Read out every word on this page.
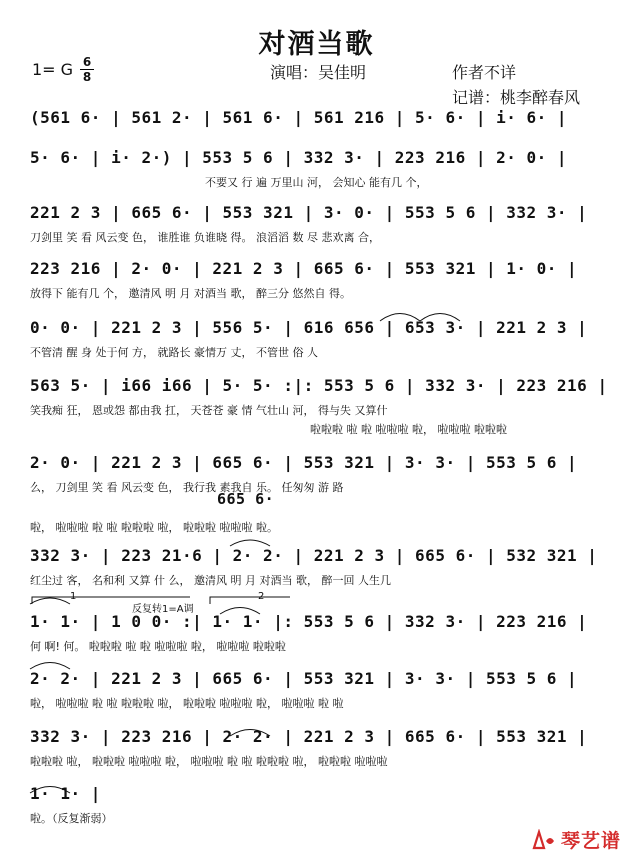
对酒当歌
1= G 6
8	演唱：吴佳明	作者不详
记谱：桃李醉春风
(561 6· | 561 2· | 561 6· | 561 216 | 5· 6· | i· 6· |
5· 6· | i· 2·) | 553 5 6 | 332 3· | 223 216 | 2· 0· |
不要又 行 遍 万里山 河， 会知心 能有几 个，
221 2 3 | 665 6· | 553 321 | 3· 0· | 553 5 6 | 332 3· |
刀剑里 笑 看 风云变 色， 谁胜谁 负谁晓 得。 浪滔滔 数 尽 悲欢离 合，
223 216 | 2· 0· | 221 2 3 | 665 6· | 553 321 | 1· 0· |
放得下 能有几 个， 邀清风 明 月 对酒当 歌， 醉三分 悠然自 得。
0· 0· | 221 2 3 | 556 5· | 616 656 | 653 3· | 221 2 3 |
不管清 醒 身 处于何 方， 就路长 豪情万 丈， 不管世 俗 人
563 5· | i66 i66 | 5· 5· :|: 553 5 6 | 332 3· | 223 216 |
笑我痴 狂， 恩或怨 都由我 扛， 天苍苍 豪 情 气壮山 河， 得与失 又算什
啦啦啦 啦 啦 啦啦啦 啦， 啦啦啦 啦啦啦
2· 0· | 221 2 3 | 665 6· | 553 321 | 3· 3· | 553 5 6 |
么， 刀剑里 笑 看 风云变 色， 我行我 素我自 乐。 任匆匆 游 路
啦， 啦啦啦 啦 啦 啦啦啦 啦， 啦啦啦 啦啦啦 啦。
332 3· | 223 21·6 | 2· 2· | 221 2 3 | 665 6· | 532 321 |
红尘过 客， 名和利 又算 什 么， 邀清风 明 月 对酒当 歌， 醉一回 人生几
1· 1· | 1 0 0· :| 1· 1· |: 553 5 6 | 332 3· | 223 216 |
何 啊! 何。 啦啦啦 啦 啦 啦啦啦 啦， 啦啦啦 啦啦啦
2· 2· | 221 2 3 | 665 6· | 553 321 | 3· 3· | 553 5 6 |
啦， 啦啦啦 啦 啦 啦啦啦 啦， 啦啦啦 啦啦啦 啦， 啦啦啦 啦 啦
332 3· | 223 216 | 2· 2· | 221 2 3 | 665 6· | 553 321 |
啦啦啦 啦， 啦啦啦 啦啦啦 啦， 啦啦啦 啦 啦 啦啦啦 啦， 啦啦啦 啦啦啦
1· 1· |
啦。（反复渐弱）
665 6·
1	2
反复转1=A调
琴艺谱
